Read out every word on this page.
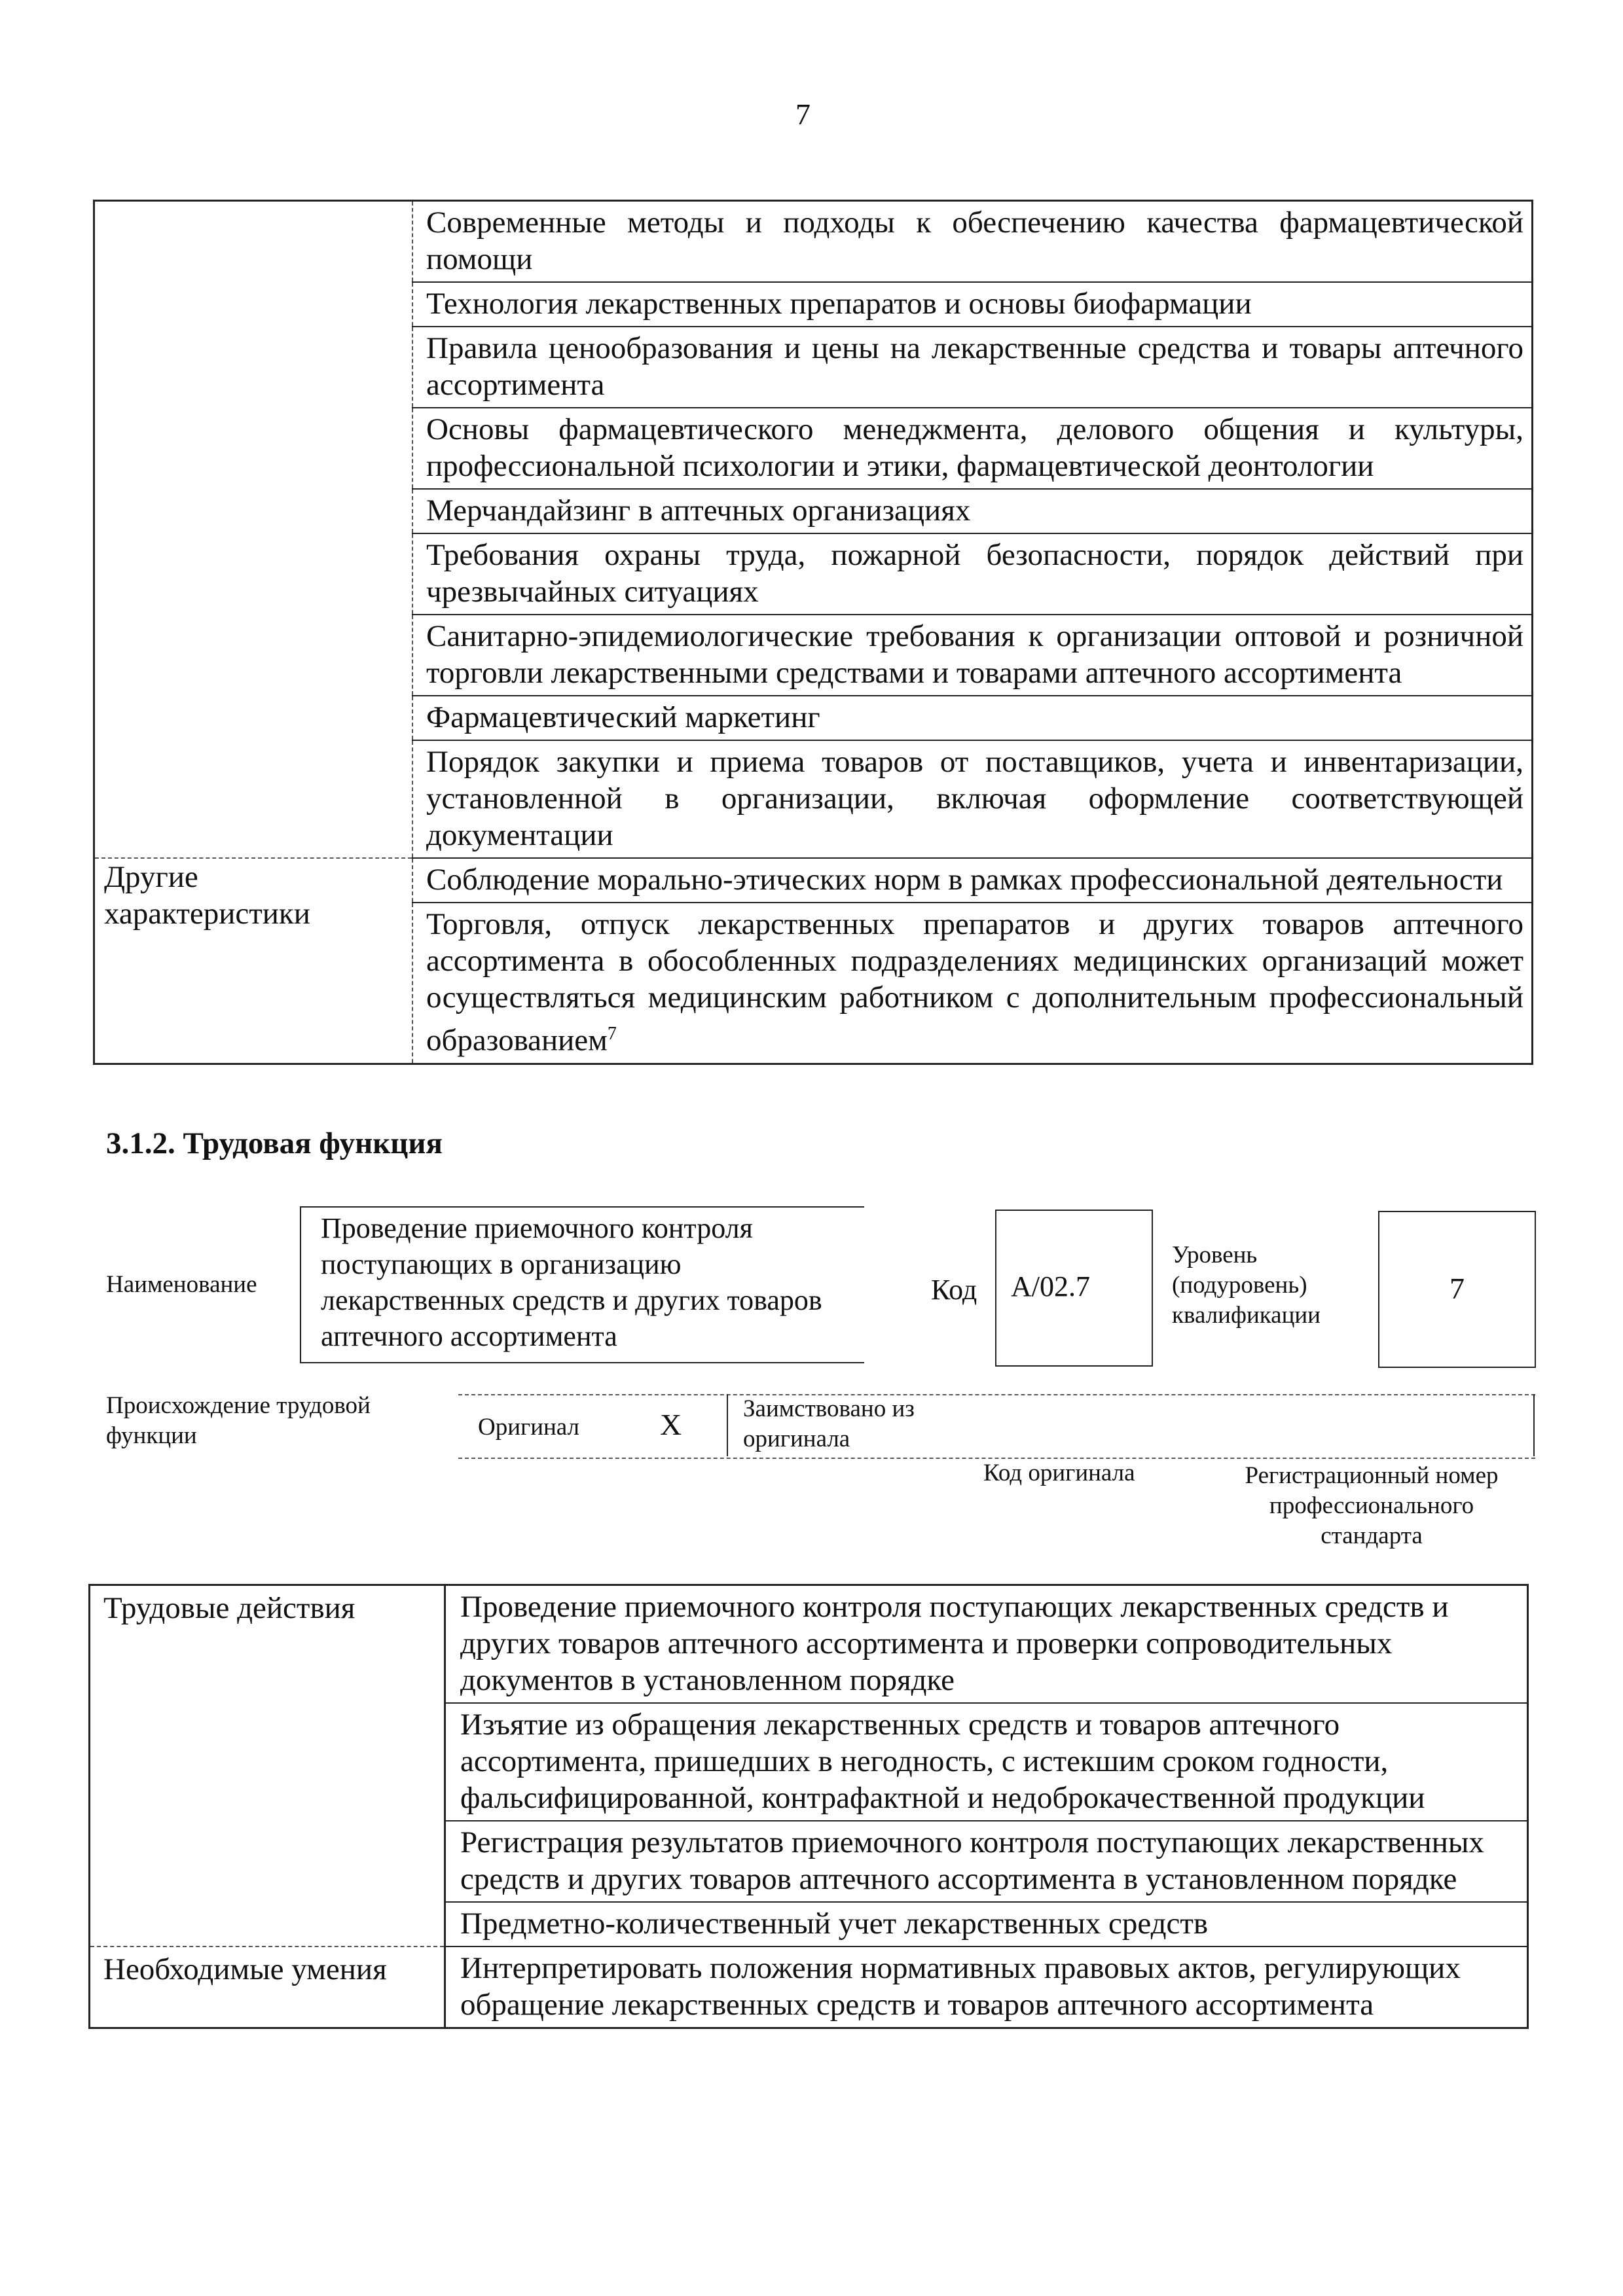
7
	Современные методы и подходы к обеспечению качества фармацевтической помощи
	Технология лекарственных препаратов и основы биофармации
	Правила ценообразования и цены на лекарственные средства и товары аптечного ассортимента
	Основы фармацевтического менеджмента, делового общения и культуры, профессиональной психологии и этики, фармацевтической деонтологии
	Мерчандайзинг в аптечных организациях
	Требования охраны труда, пожарной безопасности, порядок действий при чрезвычайных ситуациях
	Санитарно-эпидемиологические требования к организации оптовой и розничной торговли лекарственными средствами и товарами аптечного ассортимента
	Фармацевтический маркетинг
	Порядок закупки и приема товаров от поставщиков, учета и инвентаризации, установленной в организации, включая оформление соответствующей документации
Другие характеристики	Соблюдение морально-этических норм в рамках профессиональной деятельности
	Торговля, отпуск лекарственных препаратов и других товаров аптечного ассортимента в обособленных подразделениях медицинских организаций может осуществляться медицинским работником с дополнительным профессиональный образованием$^7$
3.1.2. Трудовая функция
Наименование
Проведение приемочного контроля поступающих в организацию лекарственных средств и других товаров аптечного ассортимента
Код	А/02.7
Уровень (подуровень) квалификации
7
Происхождение трудовой функции	Оригинал	X	Заимствовано из оригинала
Код оригинала	Регистрационный номер профессионального стандарта
Трудовые действия	Проведение приемочного контроля поступающих лекарственных средств и других товаров аптечного ассортимента и проверки сопроводительных документов в установленном порядке
	Изъятие из обращения лекарственных средств и товаров аптечного ассортимента, пришедших в негодность, с истекшим сроком годности, фальсифицированной, контрафактной и недоброкачественной продукции
	Регистрация результатов приемочного контроля поступающих лекарственных средств и других товаров аптечного ассортимента в установленном порядке
	Предметно-количественный учет лекарственных средств
Необходимые умения	Интерпретировать положения нормативных правовых актов, регулирующих обращение лекарственных средств и товаров аптечного ассортимента
